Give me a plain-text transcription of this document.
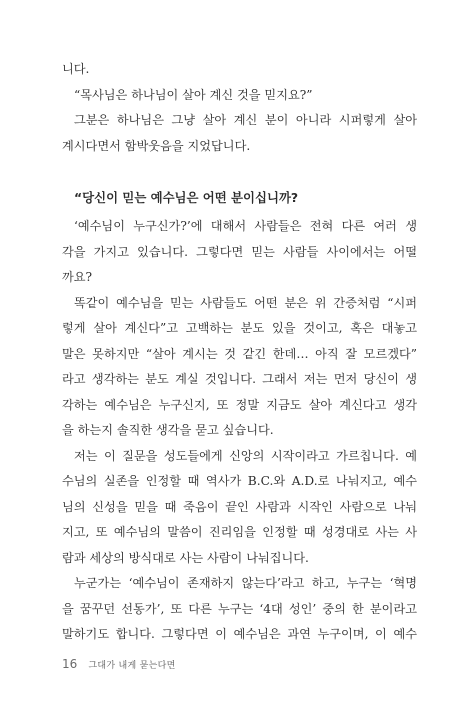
니다.
“목사님은 하나님이 살아 계신 것을 믿지요?”
그분은 하나님은 그냥 살아 계신 분이 아니라 시퍼렇게 살아
계시다면서 함박웃음을 지었답니다.
“당신이 믿는 예수님은 어떤 분이십니까?
‘예수님이 누구신가?’에 대해서 사람들은 전혀 다른 여러 생
각을 가지고 있습니다. 그렇다면 믿는 사람들 사이에서는 어떨
까요?
똑같이 예수님을 믿는 사람들도 어떤 분은 위 간증처럼 “시퍼
렇게 살아 계신다”고 고백하는 분도 있을 것이고, 혹은 대놓고
말은 못하지만 “살아 계시는 것 같긴 한데… 아직 잘 모르겠다”
라고 생각하는 분도 계실 것입니다. 그래서 저는 먼저 당신이 생
각하는 예수님은 누구신지, 또 정말 지금도 살아 계신다고 생각
을 하는지 솔직한 생각을 묻고 싶습니다.
저는 이 질문을 성도들에게 신앙의 시작이라고 가르칩니다. 예
수님의 실존을 인정할 때 역사가 B.C.와 A.D.로 나눠지고, 예수
님의 신성을 믿을 때 죽음이 끝인 사람과 시작인 사람으로 나눠
지고, 또 예수님의 말씀이 진리임을 인정할 때 성경대로 사는 사
람과 세상의 방식대로 사는 사람이 나눠집니다.
누군가는 ‘예수님이 존재하지 않는다’라고 하고, 누구는 ‘혁명
을 꿈꾸던 선동가’, 또 다른 누구는 ‘4대 성인’ 중의 한 분이라고
말하기도 합니다. 그렇다면 이 예수님은 과연 누구이며, 이 예수
16 그대가 내게 묻는다면
